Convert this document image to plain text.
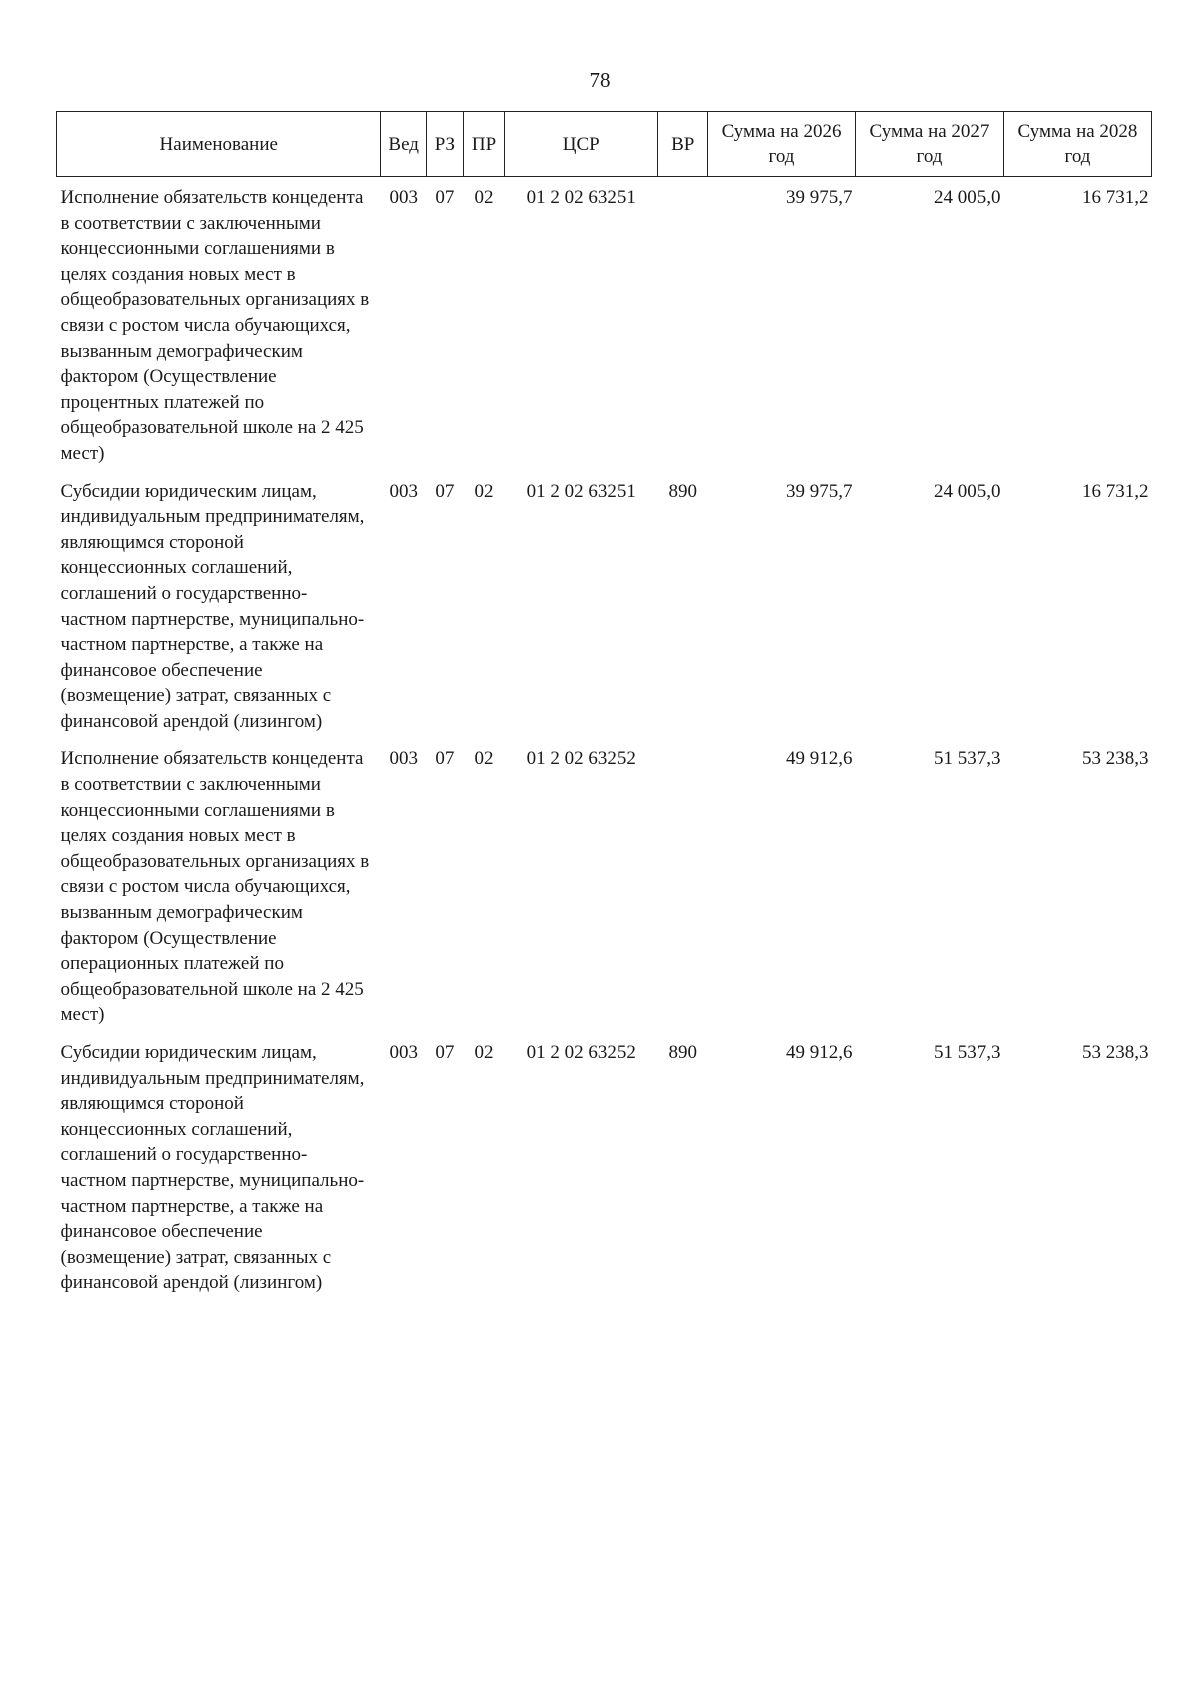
78
Наименование	Вед	РЗ	ПР	ЦСР	ВР	Сумма на 2026 год	Сумма на 2027 год	Сумма на 2028 год
Исполнение обязательств концедента в соответствии с заключенными концессионными соглашениями в целях создания новых мест в общеобразовательных организациях в связи с ростом числа обучающихся, вызванным демографическим фактором (Осуществление процентных платежей по общеобразовательной школе на 2 425 мест)	003	07	02	01 2 02 63251		39 975,7	24 005,0	16 731,2
Субсидии юридическим лицам, индивидуальным предпринимателям, являющимся стороной концессионных соглашений, соглашений о государственно-частном партнерстве, муниципально-частном партнерстве, а также на финансовое обеспечение (возмещение) затрат, связанных с финансовой арендой (лизингом)	003	07	02	01 2 02 63251	890	39 975,7	24 005,0	16 731,2
Исполнение обязательств концедента в соответствии с заключенными концессионными соглашениями в целях создания новых мест в общеобразовательных организациях в связи с ростом числа обучающихся, вызванным демографическим фактором (Осуществление операционных платежей по общеобразовательной школе на 2 425 мест)	003	07	02	01 2 02 63252		49 912,6	51 537,3	53 238,3
Субсидии юридическим лицам, индивидуальным предпринимателям, являющимся стороной концессионных соглашений, соглашений о государственно-частном партнерстве, муниципально-частном партнерстве, а также на финансовое обеспечение (возмещение) затрат, связанных с финансовой арендой (лизингом)	003	07	02	01 2 02 63252	890	49 912,6	51 537,3	53 238,3
